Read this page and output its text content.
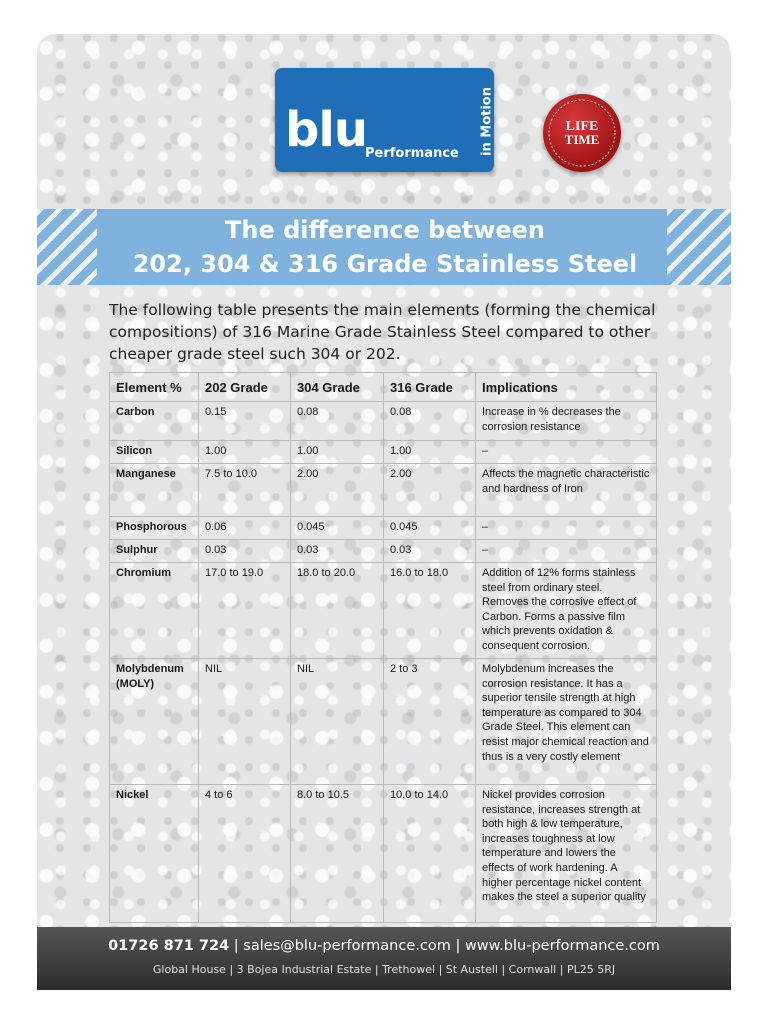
blu
Performance in Motion	LIFE
TIME
The difference between
202, 304 & 316 Grade Stainless Steel

The following table presents the main elements (forming the chemical compositions) of 316 Marine Grade Stainless Steel compared to other cheaper grade steel such 304 or 202.

Element %	202 Grade	304 Grade	316 Grade	Implications
Carbon	0.15	0.08	0.08	Increase in % decreases the corrosion resistance
Silicon	1.00	1.00	1.00	–
Manganese	7.5 to 10.0	2.00	2.00	Affects the magnetic characteristic and hardness of Iron
Phosphorous	0.06	0.045	0.045	–
Sulphur	0.03	0.03	0.03	–
Chromium	17.0 to 19.0	18.0 to 20.0	16.0 to 18.0	Addition of 12% forms stainless steel from ordinary steel. Removes the corrosive effect of Carbon. Forms a passive film which prevents oxidation & consequent corrosion.
Molybdenum (MOLY)	NIL	NIL	2 to 3	Molybdenum increases the corrosion resistance. It has a superior tensile strength at high temperature as compared to 304 Grade Steel. This element can resist major chemical reaction and thus is a very costly element
Nickel	4 to 6	8.0 to 10.5	10.0 to 14.0	Nickel provides corrosion resistance, increases strength at both high & low temperature, increases toughness at low temperature and lowers the effects of work hardening. A higher percentage nickel content makes the steel a superior quality
01726 871 724 | sales@blu-performance.com | www.blu-performance.com
Global House | 3 Bojea Industrial Estate | Trethowel | St Austell | Cornwall | PL25 5RJ
